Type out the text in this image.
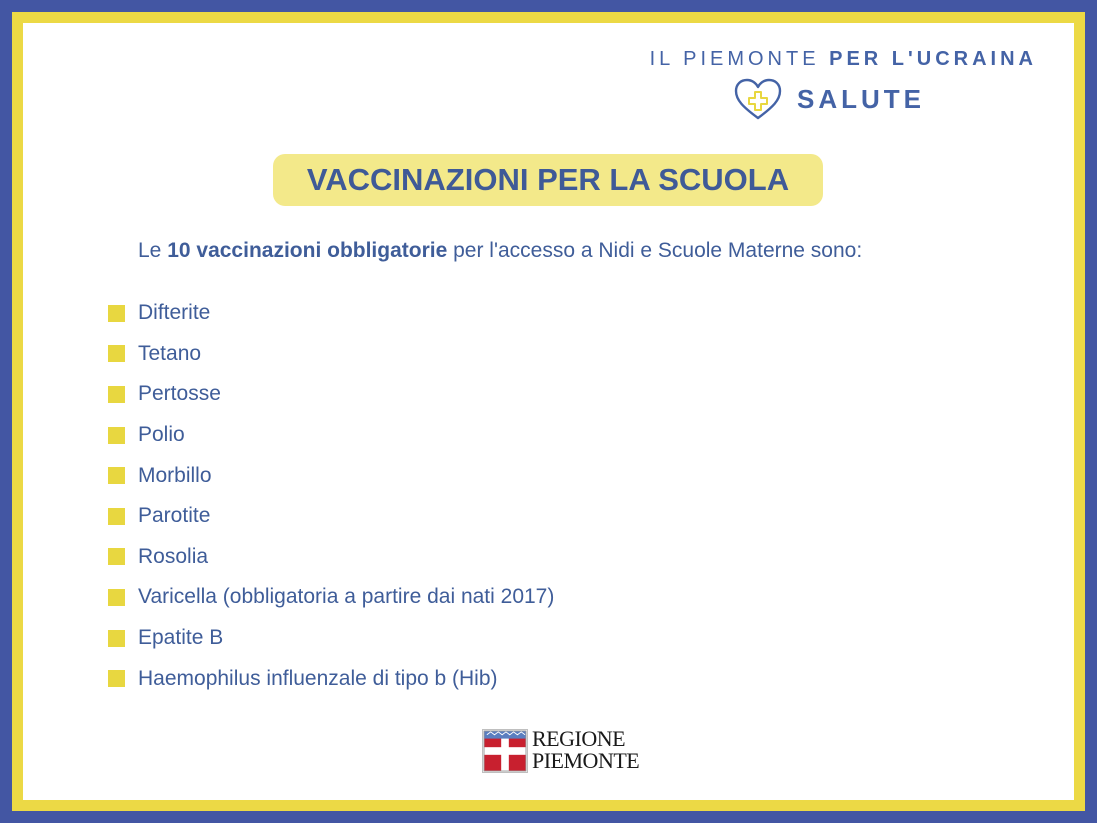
IL PIEMONTE PER L'UCRAINA
SALUTE
VACCINAZIONI PER LA SCUOLA
Le 10 vaccinazioni obbligatorie per l'accesso a Nidi e Scuole Materne sono:
Difterite
Tetano
Pertosse
Polio
Morbillo
Parotite
Rosolia
Varicella (obbligatoria a partire dai nati 2017)
Epatite B
Haemophilus influenzale di tipo b (Hib)
REGIONE
PIEMONTE
